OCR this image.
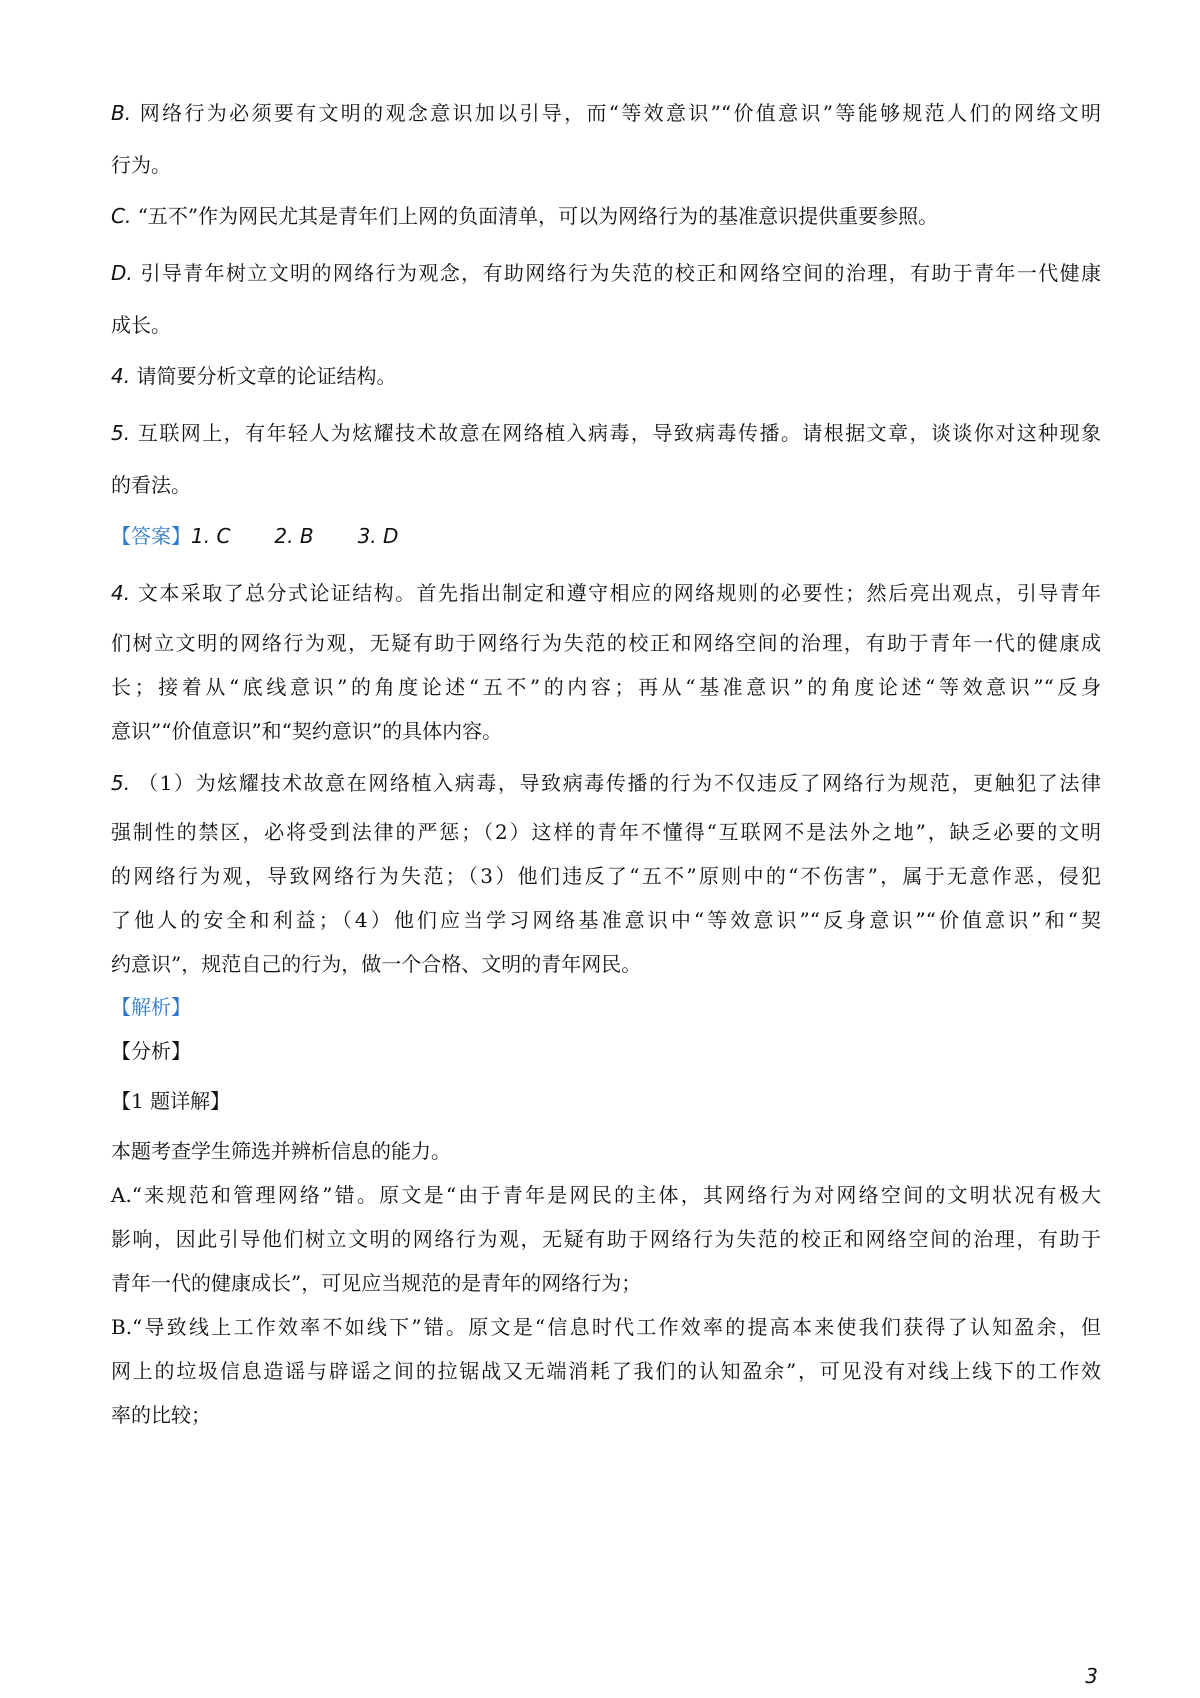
B. 网络行为必须要有文明的观念意识加以引导，而“等效意识”“价值意识”等能够规范人们的网络文明
行为。
C. “五不”作为网民尤其是青年们上网的负面清单，可以为网络行为的基准意识提供重要参照。
D. 引导青年树立文明的网络行为观念，有助网络行为失范的校正和网络空间的治理，有助于青年一代健康
成长。
4. 请简要分析文章的论证结构。
5. 互联网上，有年轻人为炫耀技术故意在网络植入病毒，导致病毒传播。请根据文章，谈谈你对这种现象
的看法。
【答案】1. C 2. B 3. D
4. 文本采取了总分式论证结构。首先指出制定和遵守相应的网络规则的必要性；然后亮出观点，引导青年
们树立文明的网络行为观，无疑有助于网络行为失范的校正和网络空间的治理，有助于青年一代的健康成
长；接着从“底线意识”的角度论述“五不”的内容；再从“基准意识”的角度论述“等效意识”“反身
意识”“价值意识”和“契约意识”的具体内容。
5. （1）为炫耀技术故意在网络植入病毒，导致病毒传播的行为不仅违反了网络行为规范，更触犯了法律
强制性的禁区，必将受到法律的严惩；（2）这样的青年不懂得“互联网不是法外之地”，缺乏必要的文明
的网络行为观，导致网络行为失范；（3）他们违反了“五不”原则中的“不伤害”，属于无意作恶，侵犯
了他人的安全和利益；（4）他们应当学习网络基准意识中“等效意识”“反身意识”“价值意识”和“契
约意识”，规范自己的行为，做一个合格、文明的青年网民。
【解析】
【分析】
【1 题详解】
本题考查学生筛选并辨析信息的能力。
A.“来规范和管理网络”错。原文是“由于青年是网民的主体，其网络行为对网络空间的文明状况有极大
影响，因此引导他们树立文明的网络行为观，无疑有助于网络行为失范的校正和网络空间的治理，有助于
青年一代的健康成长”，可见应当规范的是青年的网络行为；
B.“导致线上工作效率不如线下”错。原文是“信息时代工作效率的提高本来使我们获得了认知盈余，但
网上的垃圾信息造谣与辟谣之间的拉锯战又无端消耗了我们的认知盈余”，可见没有对线上线下的工作效
率的比较；
3
